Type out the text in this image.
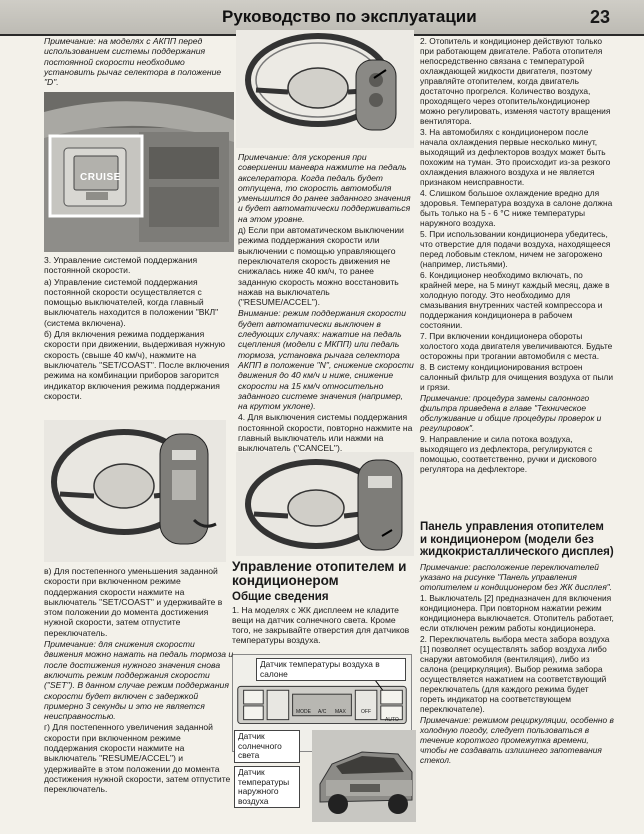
Руководство по эксплуатации	23
CRUISE
MODE A/C MAX	OFF
AUTO
Датчик температуры воздуха в салоне
Датчик солнечного света
Датчик температуры наружного воздуха

Примечание: на моделях с АКПП перед использованием системы поддержания постоянной скорости необходимо установить рычаг селектора в положение "D".

3. Управление системой поддержания постоянной скорости.

а) Управление системой поддержания постоянной скорости осуществляется с помощью выключателей, когда главный выключатель находится в положении "ВКЛ" (система включена).

б) Для включения режима поддержания скорости при движении, выдерживая нужную скорость (свыше 40 км/ч), нажмите на выключатель "SET/COAST". После включения режима на комбинации приборов загорится индикатор включения режима поддержания скорости.

в) Для постепенного уменьшения заданной скорости при включенном режиме поддержания скорости нажмите на выключатель "SET/COAST" и удерживайте в этом положении до момента достижения нужной скорости, затем отпустите переключатель.

Примечание: для снижения скорости движения можно нажать на педаль тормоза и после достижения нужного значения снова включить режим поддержания скорости ("SET"). В данном случае режим поддержания скорости будет включен с задержкой примерно 3 секунды и это не является неисправностью.

г) Для постепенного увеличения заданной скорости при включенном режиме поддержания скорости нажмите на выключатель "RESUME/ACCEL") и удерживайте в этом положении до момента достижения нужной скорости, затем отпустите переключатель.

Примечание: для ускорения при совершении маневра нажмите на педаль акселератора. Когда педаль будет отпущена, то скорость автомобиля уменьшится до ранее заданного значения и будет автоматически поддерживаться на этом уровне.

д) Если при автоматическом выключении режима поддержания скорости или выключении с помощью управляющего переключателя скорость движения не снижалась ниже 40 км/ч, то ранее заданную скорость можно восстановить нажав на выключатель ("RESUME/ACCEL").

Внимание: режим поддержания скорости будет автоматически выключен в следующих случаях: нажатие на педаль сцепления (модели с МКПП) или педаль тормоза, установка рычага селектора АКПП в положение "N", снижение скорости движения до 40 км/ч и ниже, снижение скорости на 15 км/ч относительно заданного системе значения (например, на крутом уклоне).

4. Для выключения системы поддержания постоянной скорости, повторно нажмите на главный выключатель или нажми на выключатель ("CANCEL").

Управление отопителем и кондиционером
Общие сведения

1. На моделях с ЖК дисплеем не кладите вещи на датчик солнечного света. Кроме того, не закрывайте отверстия для датчиков температуры воздуха.

2. Отопитель и кондиционер действуют только при работающем двигателе. Работа отопителя непосредственно связана с температурой охлаждающей жидкости двигателя, поэтому управляйте отопителем, когда двигатель достаточно прогрелся. Количество воздуха, проходящего через отопитель/кондиционер можно регулировать, изменяя частоту вращения вентилятора.

3. На автомобилях с кондиционером после начала охлаждения первые несколько минут, выходящий из дефлекторов воздух может быть похожим на туман. Это происходит из-за резкого охлаждения влажного воздуха и не является признаком неисправности.

4. Слишком большое охлаждение вредно для здоровья. Температура воздуха в салоне должна быть только на 5 - 6 °С ниже температуры наружного воздуха.

5. При использовании кондиционера убедитесь, что отверстие для подачи воздуха, находящееся перед лобовым стеклом, ничем не загорожено (например, листьями).

6. Кондиционер необходимо включать, по крайней мере, на 5 минут каждый месяц, даже в холодную погоду. Это необходимо для смазывания внутренних частей компрессора и поддержания кондиционера в рабочем состоянии.

7. При включении кондиционера обороты холостого хода двигателя увеличиваются. Будьте осторожны при трогании автомобиля с места.

8. В систему кондиционирования встроен салонный фильтр для очищения воздуха от пыли и грязи.

Примечание: процедура замены салонного фильтра приведена в главе "Техническое обслуживание и общие процедуры проверок и регулировок".

9. Направление и сила потока воздуха, выходящего из дефлектора, регулируются с помощью, соответственно, ручки и дискового регулятора на дефлекторе.

Панель управления отопителем и кондиционером (модели без жидкокристаллического дисплея)

Примечание: расположение переключателей указано на рисунке "Панель управления отопителем и кондиционером без ЖК дисплея".

1. Выключатель [2] предназначен для включения кондиционера. При повторном нажатии режим кондиционера выключается. Отопитель работает, если отключен режим работы кондиционера.

2. Переключатель выбора места забора воздуха [1] позволяет осуществлять забор воздуха либо снаружи автомобиля (вентиляция), либо из салона (рециркуляция). Выбор режима забора осуществляется нажатием на соответствующий переключатель (для каждого режима будет гореть индикатор на соответствующем переключателе).

Примечание: режимом рециркуляции, особенно в холодную погоду, следует пользоваться в течение короткого промежутка времени, чтобы не создавать излишнего запотевания стекол.
